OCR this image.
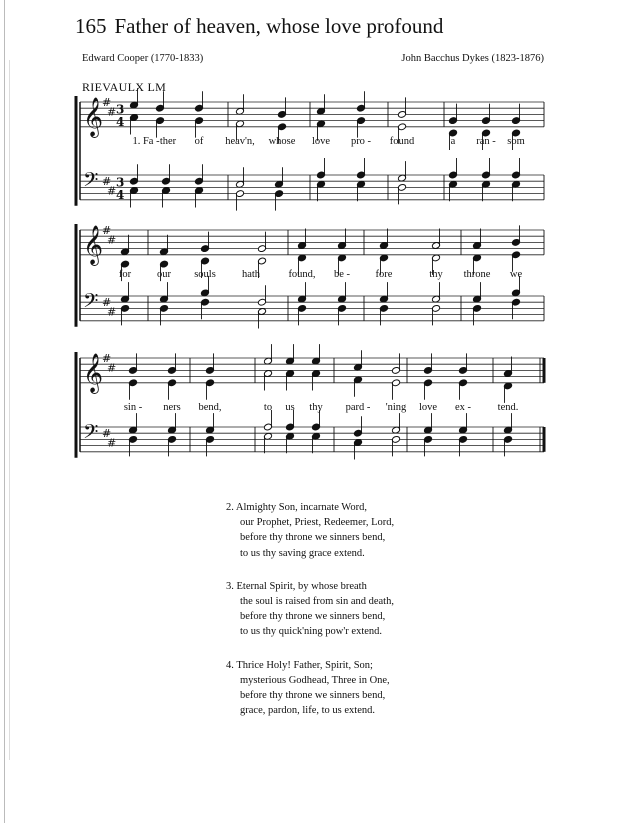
165 Father of heaven, whose love profound
Edward Cooper (1770-1833)	John Bacchus Dykes (1823-1876)
RIEVAULX LM
𝄞
#
# 3
4
𝄢 #
#
3
4
𝄞
#
#
𝄢 #
#
𝄞
#
#
𝄢 #
#
1. Fa - ther of heav'n, whose love pro - found	a ran - som
for our souls hath	found, be - fore	thy throne we
sin - ners bend,	to us thy pard - 'ning love ex -	tend.
2. Almighty Son, incarnate Word,
our Prophet, Priest, Redeemer, Lord,
before thy throne we sinners bend,
to us thy saving grace extend.
3. Eternal Spirit, by whose breath
the soul is raised from sin and death,
before thy throne we sinners bend,
to us thy quick'ning pow'r extend.
4. Thrice Holy! Father, Spirit, Son;
mysterious Godhead, Three in One,
before thy throne we sinners bend,
grace, pardon, life, to us extend.
